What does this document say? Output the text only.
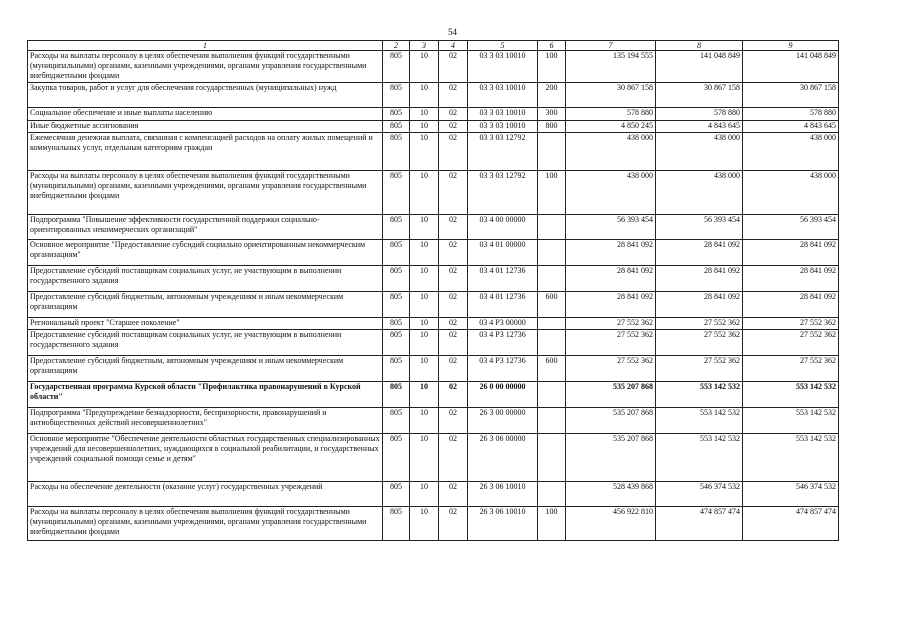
54
1	2	3	4	5	6	7	8	9
Расходы на выплаты персоналу в целях обеспечения выполнения функций государственными (муниципальными) органами, казенными учреждениями, органами управления государственными внебюджетными фондами	805	10	02	03 3 03 10010	100	135 194 555	141 048 849	141 048 849
Закупка товаров, работ и услуг для обеспечения государственных (муниципальных) нужд	805	10	02	03 3 03 10010	200	30 867 158	30 867 158	30 867 158
Социальное обеспечение и иные выплаты населению	805	10	02	03 3 03 10010	300	578 880	578 880	578 880
Иные бюджетные ассигнования	805	10	02	03 3 03 10010	800	4 850 245	4 843 645	4 843 645
Ежемесячная денежная выплата, связанная с компенсацией расходов на оплату жилых помещений и коммунальных услуг, отдельным категориям граждан	805	10	02	03 3 03 12792		438 000	438 000	438 000
Расходы на выплаты персоналу в целях обеспечения выполнения функций государственными (муниципальными) органами, казенными учреждениями, органами управления государственными внебюджетными фондами	805	10	02	03 3 03 12792	100	438 000	438 000	438 000
Подпрограмма "Повышение эффективности государственной поддержки социально-ориентированных некоммерческих организаций"	805	10	02	03 4 00 00000		56 393 454	56 393 454	56 393 454
Основное мероприятие "Предоставление субсидий социально ориентированным некоммерческим организациям"	805	10	02	03 4 01 00000		28 841 092	28 841 092	28 841 092
Предоставление субсидий поставщикам социальных услуг, не участвующим в выполнении государственного задания	805	10	02	03 4 01 12736		28 841 092	28 841 092	28 841 092
Предоставление субсидий бюджетным, автономным учреждениям и иным некоммерческим организациям	805	10	02	03 4 01 12736	600	28 841 092	28 841 092	28 841 092
Региональный проект "Старшее поколение"	805	10	02	03 4 P3 00000		27 552 362	27 552 362	27 552 362
Предоставление субсидий поставщикам социальных услуг, не участвующим в выполнении государственного задания	805	10	02	03 4 P3 12736		27 552 362	27 552 362	27 552 362
Предоставление субсидий бюджетным, автономным учреждениям и иным некоммерческим организациям	805	10	02	03 4 P3 12736	600	27 552 362	27 552 362	27 552 362
Государственная программа Курской области "Профилактика правонарушений в Курской области"	805	10	02	26 0 00 00000		535 207 868	553 142 532	553 142 532
Подпрограмма "Предупреждение безнадзорности, беспризорности, правонарушений и антиобщественных действий несовершеннолетних"	805	10	02	26 3 00 00000		535 207 868	553 142 532	553 142 532
Основное мероприятие "Обеспечение деятельности областных государственных специализированных учреждений для несовершеннолетних, нуждающихся в социальной реабилитации, и государственных учреждений социальной помощи семье и детям"	805	10	02	26 3 06 00000		535 207 868	553 142 532	553 142 532
Расходы на обеспечение деятельности (оказание услуг) государственных учреждений	805	10	02	26 3 06 10010		528 439 868	546 374 532	546 374 532
Расходы на выплаты персоналу в целях обеспечения выполнения функций государственными (муниципальными) органами, казенными учреждениями, органами управления государственными внебюджетными фондами	805	10	02	26 3 06 10010	100	456 922 810	474 857 474	474 857 474
